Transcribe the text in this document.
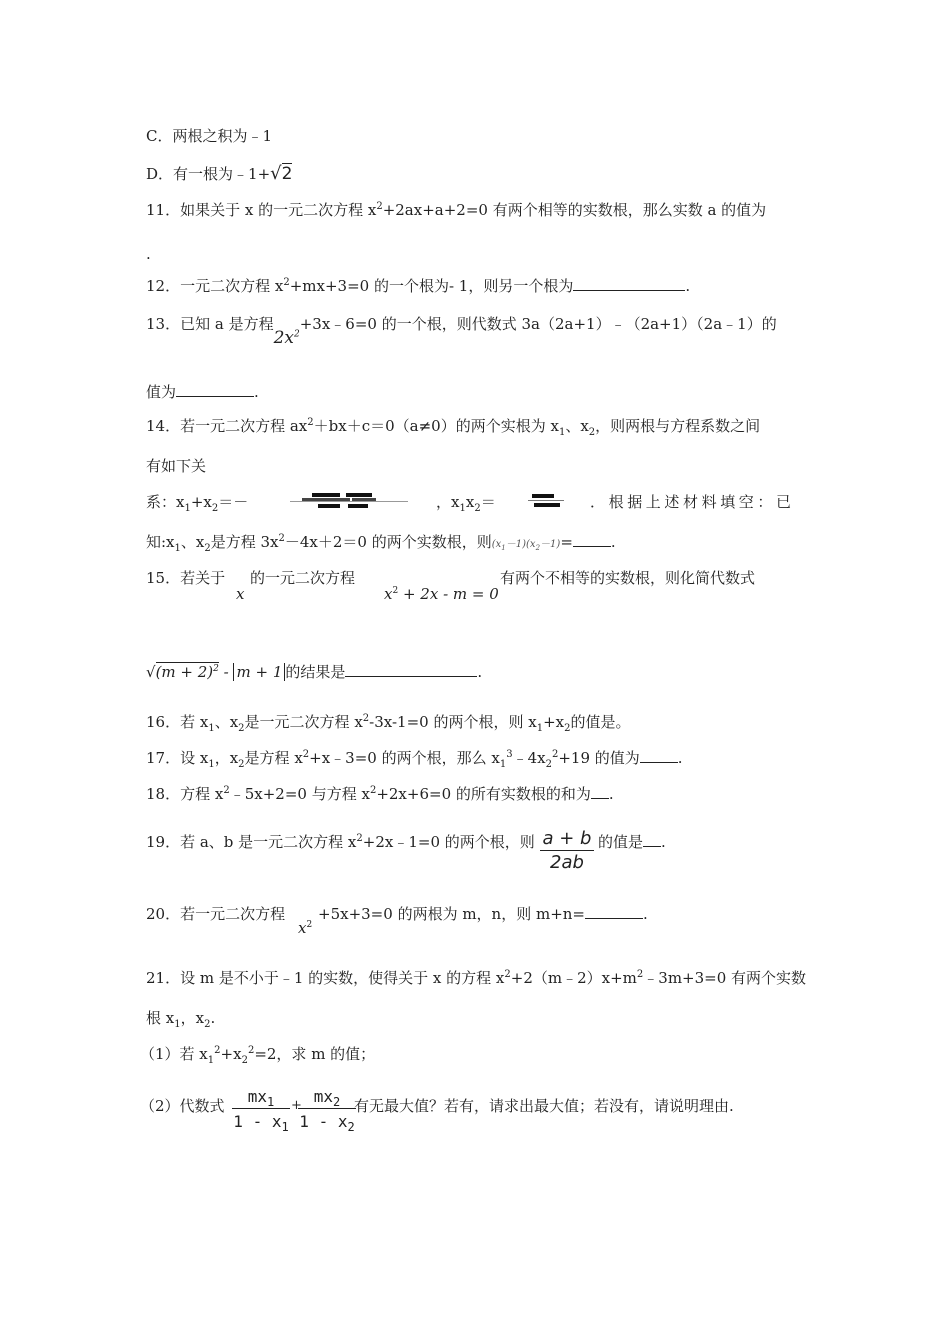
C．两根之积为﹣1
D．有一根为﹣1+√2
11．如果关于 x 的一元二次方程 $x^2+2ax+a+2=0$ 有两个相等的实数根，那么实数 a 的值为
.
12．一元二次方程 $x^2+mx+3=0$ 的一个根为- 1，则另一个根为	.
13．已知 a 是方程$2x^2+3x﹣6=0$ 的一个根，则代数式 3a（2a+1）﹣（2a+1）（2a﹣1）的
值为	.
14．若一元二次方程 $ax^2+bx+c=0(a\ne 0)$的两个实根为 $x_1$、$x_2$，则两根与方程系数之间
有如下关
系：$x_1+x_2=-$	，$x_1x_2=$	．根据上述材料填空：已
知$:x_1$、$x_2$是方程 $3x^2-4x+2=0$ 的两个实数根，则$(x_1-1)(x_2-1)=$	.
15．若关于
x
的一元二次方程
$x^2 + 2x - m = 0$
有两个不相等的实数根，则化简代数式
$√(m + 2)^2 - m + 1$ 的结果是	.
16．若 $x_1$、$x_2$是一元二次方程 $x^2-3x-1=0$ 的两个根，则 $x_1+x_2$的值是。
17．设 $x_1$，$x_2$是方程 $x^2+x﹣3=0$ 的两个根，那么 $x_1^3﹣4x_2^2+19$ 的值为	.
18．方程 $x^2﹣5x+2=0$ 与方程 $x^2+2x+6=0$ 的所有实数根的和为 .
19．若 a、b 是一元二次方程 $x^2+2x﹣1=0$ 的两个根，则 $\frac{a + b}{2ab}$ 的值是 .
20．若一元二次方程
$x^2$
+5x+3=0 的两根为 m，n，则 m+n=	.
21．设 m 是不小于﹣1 的实数，使得关于 x 的方程 $x^2+2(m﹣2)x+m^2﹣3m+3=0$ 有两个实数
根 $x_1$，$x_2$.
（1）若 $x_1^2+x_2^2=2$，求 m 的值；
（2）代数式 $\frac{mx_1}{1 - x_1}$ +
$\frac{mx_2}{1 - x_2}$
有无最大值？若有，请求出最大值；若没有，请说明理由.
